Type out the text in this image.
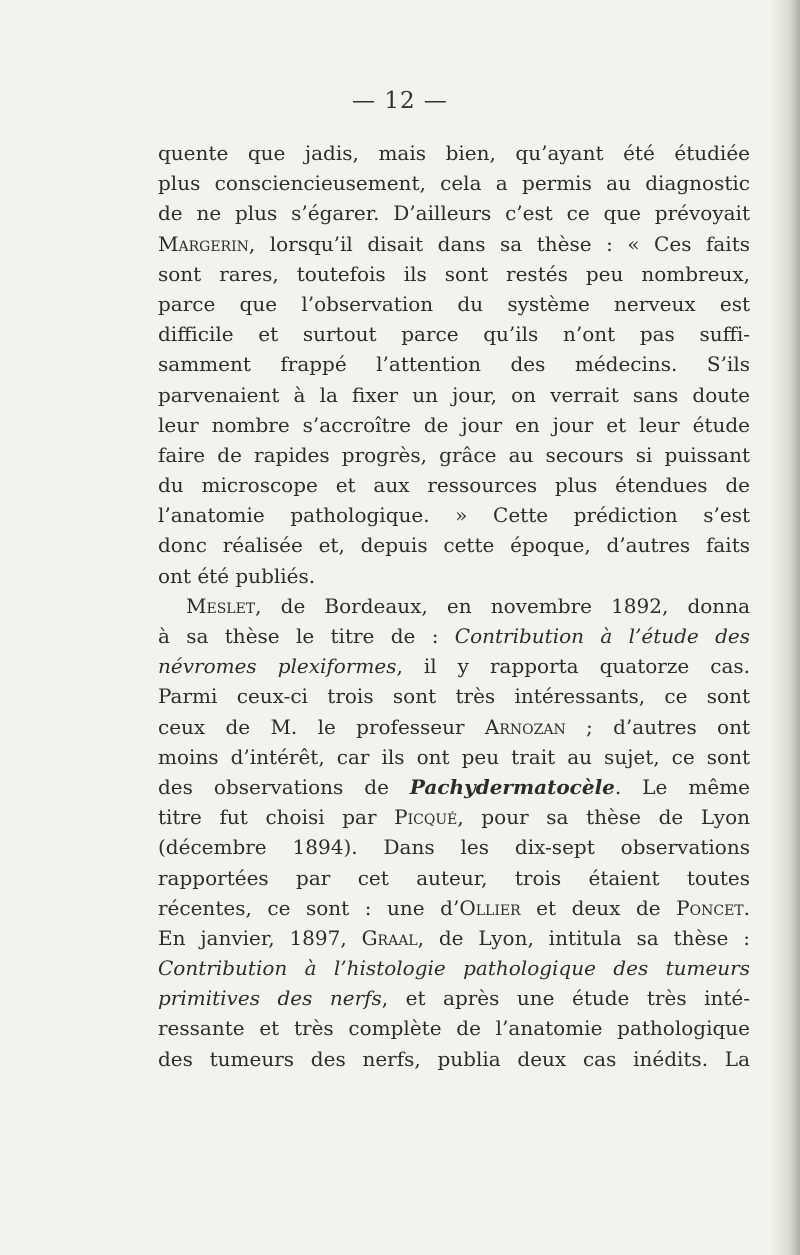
— 12 —
quente que jadis, mais bien, qu’ayant été étudiée
plus consciencieusement, cela a permis au diagnostic
de ne plus s’égarer. D’ailleurs c’est ce que prévoyait
Margerin, lorsqu’il disait dans sa thèse : « Ces faits
sont rares, toutefois ils sont restés peu nombreux,
parce que l’observation du système nerveux est
difficile et surtout parce qu’ils n’ont pas suffi-
samment frappé l’attention des médecins. S’ils
parvenaient à la fixer un jour, on verrait sans doute
leur nombre s’accroître de jour en jour et leur étude
faire de rapides progrès, grâce au secours si puissant
du microscope et aux ressources plus étendues de
l’anatomie pathologique. » Cette prédiction s’est
donc réalisée et, depuis cette époque, d’autres faits
ont été publiés.
Meslet, de Bordeaux, en novembre 1892, donna
à sa thèse le titre de : Contribution à l’étude des
névromes plexiformes, il y rapporta quatorze cas.
Parmi ceux-ci trois sont très intéressants, ce sont
ceux de M. le professeur Arnozan ; d’autres ont
moins d’intérêt, car ils ont peu trait au sujet, ce sont
des observations de Pachydermatocèle. Le même
titre fut choisi par Picqué, pour sa thèse de Lyon
(décembre 1894). Dans les dix-sept observations
rapportées par cet auteur, trois étaient toutes
récentes, ce sont : une d’Ollier et deux de Poncet.
En janvier, 1897, Graal, de Lyon, intitula sa thèse :
Contribution à l’histologie pathologique des tumeurs
primitives des nerfs, et après une étude très inté-
ressante et très complète de l’anatomie pathologique
des tumeurs des nerfs, publia deux cas inédits. La
